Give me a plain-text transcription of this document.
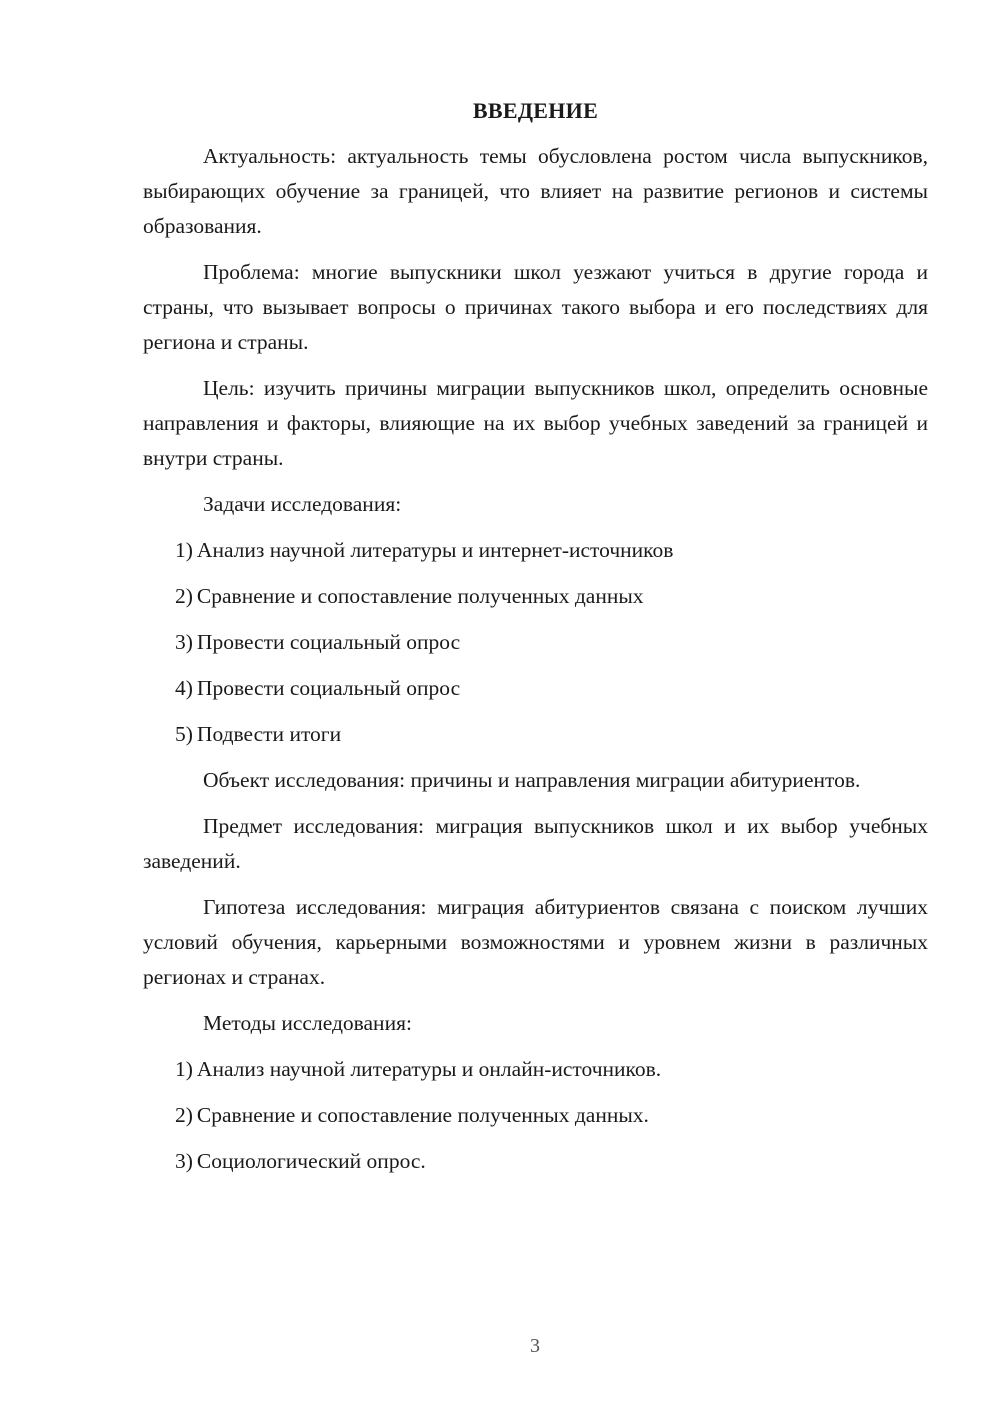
ВВЕДЕНИЕ

Актуальность: актуальность темы обусловлена ростом числа выпускников, выбирающих обучение за границей, что влияет на развитие регионов и системы образования.

Проблема: многие выпускники школ уезжают учиться в другие города и страны, что вызывает вопросы о причинах такого выбора и его последствиях для региона и страны.

Цель: изучить причины миграции выпускников школ, определить основные направления и факторы, влияющие на их выбор учебных заведений за границей и внутри страны.

Задачи исследования:
1) Анализ научной литературы и интернет-источников
2) Сравнение и сопоставление полученных данных
3) Провести социальный опрос
4) Провести социальный опрос
5) Подвести итоги

Объект исследования: причины и направления миграции абитуриентов.

Предмет исследования: миграция выпускников школ и их выбор учебных заведений.

Гипотеза исследования: миграция абитуриентов связана с поиском лучших условий обучения, карьерными возможностями и уровнем жизни в различных регионах и странах.

Методы исследования:
1) Анализ научной литературы и онлайн-источников.
2) Сравнение и сопоставление полученных данных.
3) Социологический опрос.
3
